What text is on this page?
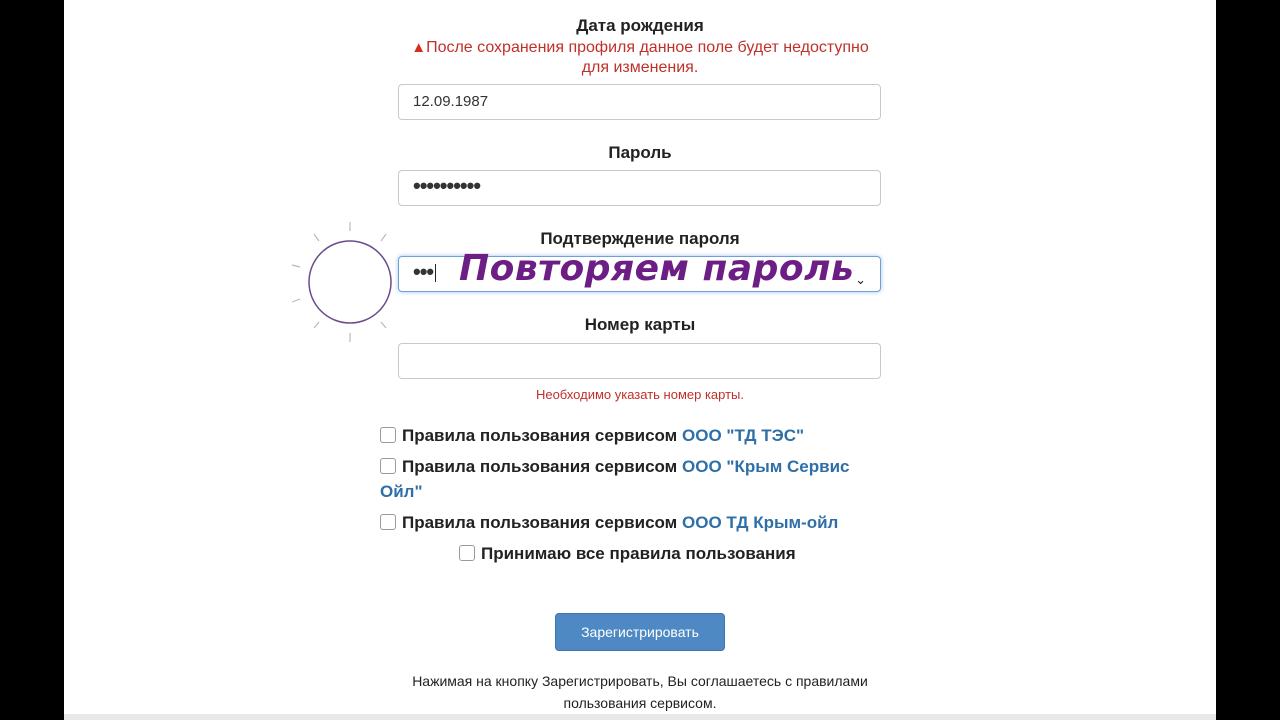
Дата рождения
▲После сохранения профиля данное поле будет недоступно для изменения.
12.09.1987
Пароль
••••••••••
Подтверждение пароля
•••	⌄
Повторяем пароль
Номер карты
Необходимо указать номер карты.
Правила пользования сервисом ООО "ТД ТЭС"
Правила пользования сервисом ООО "Крым Сервис Ойл"
Правила пользования сервисом ООО ТД Крым-ойл
Принимаю все правила пользования
Зарегистрировать
Нажимая на кнопку Зарегистрировать, Вы соглашаетесь с правилами пользования сервисом.
